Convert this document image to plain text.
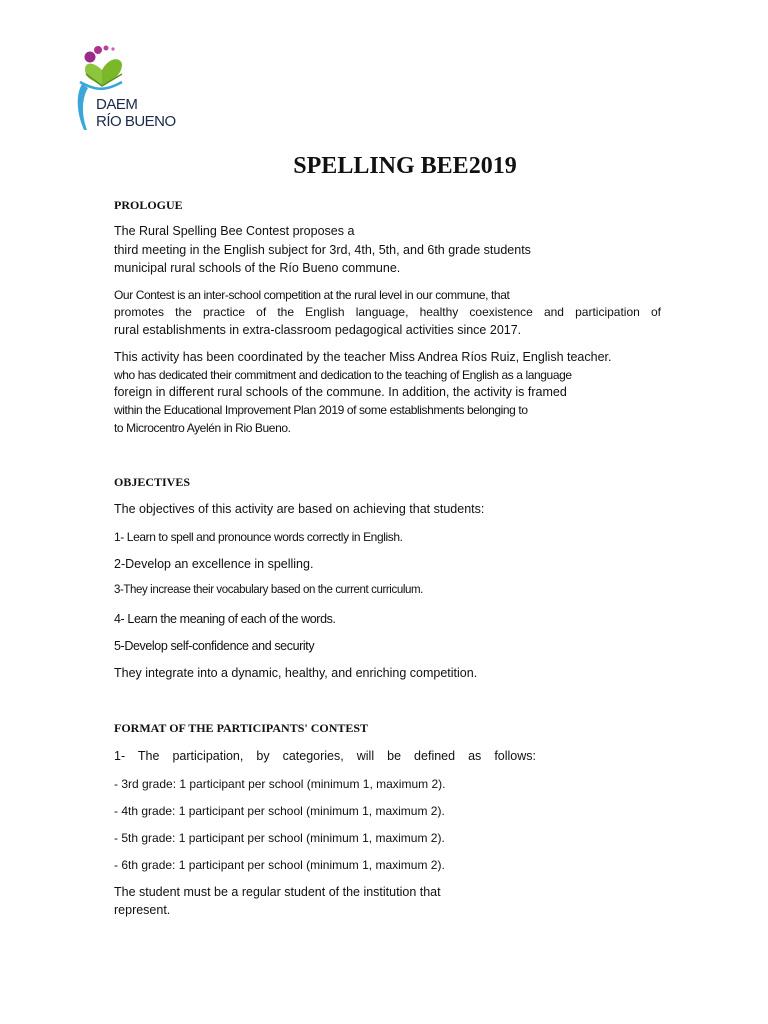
DAEM
RÍO BUENO
SPELLING BEE2019
PROLOGUE
The Rural Spelling Bee Contest proposes a
third meeting in the English subject for 3rd, 4th, 5th, and 6th grade students
municipal rural schools of the Río Bueno commune.
Our Contest is an inter-school competition at the rural level in our commune, that
promotes the practice of the English language, healthy coexistence and participation of
rural establishments in extra-classroom pedagogical activities since 2017.
This activity has been coordinated by the teacher Miss Andrea Ríos Ruiz, English teacher.
who has dedicated their commitment and dedication to the teaching of English as a language
foreign in different rural schools of the commune. In addition, the activity is framed
within the Educational Improvement Plan 2019 of some establishments belonging to
to Microcentro Ayelén in Rio Bueno.
OBJECTIVES
The objectives of this activity are based on achieving that students:
1- Learn to spell and pronounce words correctly in English.
2-Develop an excellence in spelling.
3-They increase their vocabulary based on the current curriculum.
4- Learn the meaning of each of the words.
5-Develop self-confidence and security
They integrate into a dynamic, healthy, and enriching competition.
FORMAT OF THE PARTICIPANTS' CONTEST
1- The participation, by categories, will be defined as follows:
- 3rd grade: 1 participant per school (minimum 1, maximum 2).
- 4th grade: 1 participant per school (minimum 1, maximum 2).
- 5th grade: 1 participant per school (minimum 1, maximum 2).
- 6th grade: 1 participant per school (minimum 1, maximum 2).
The student must be a regular student of the institution that
represent.
